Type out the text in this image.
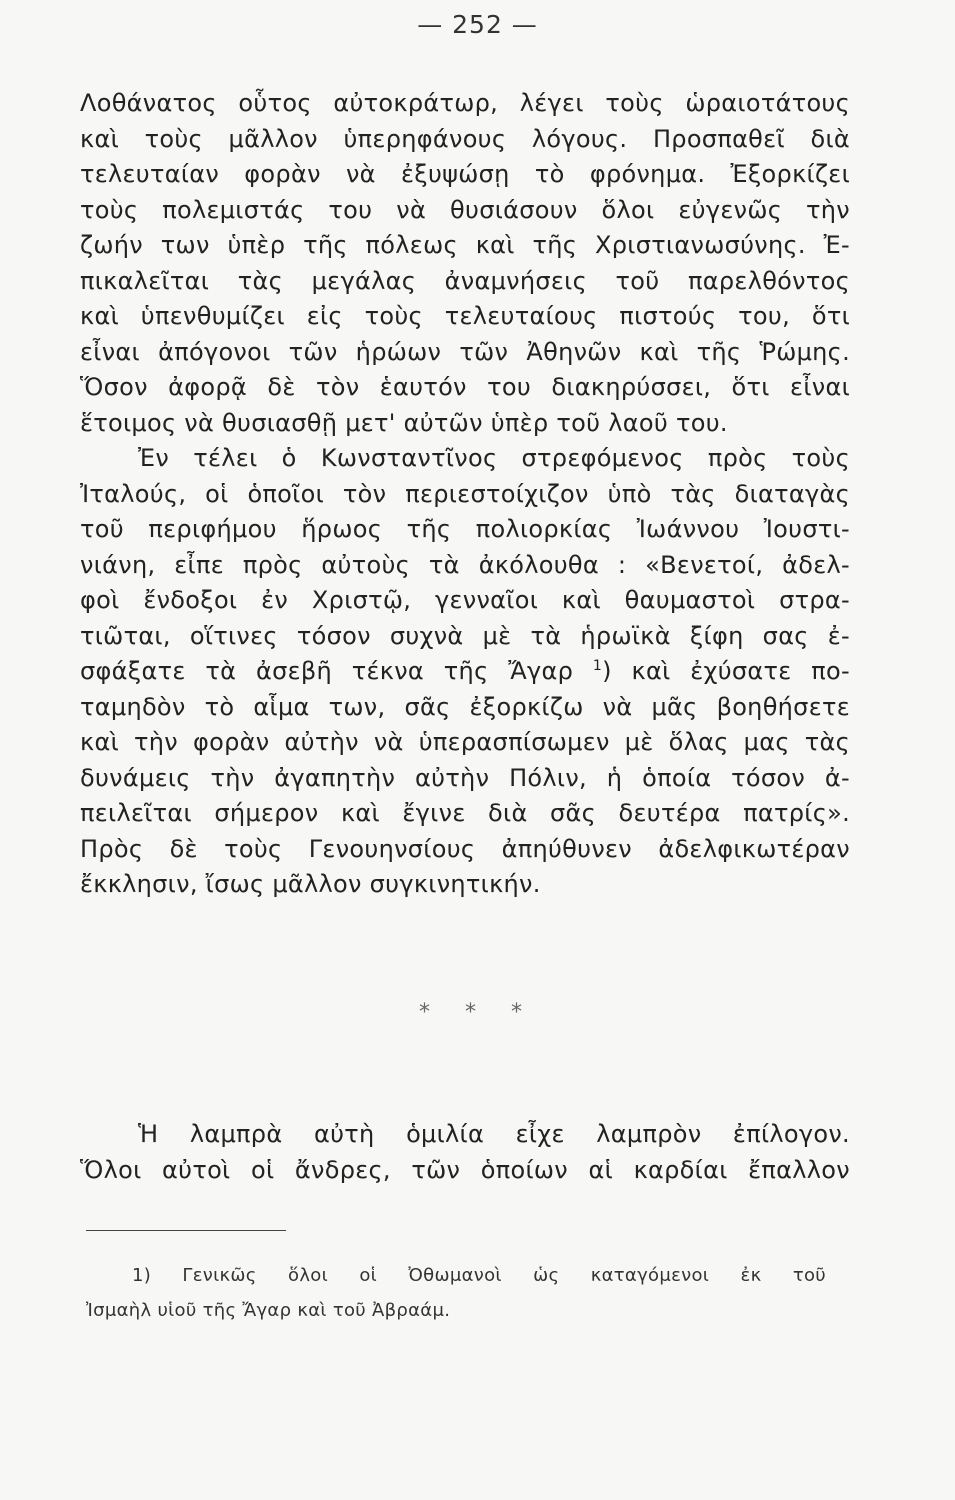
— 252 —
Λοθάνατος οὗτος αὐτοκράτωρ, λέγει τοὺς ὡραιοτάτους
καὶ τοὺς μᾶλλον ὑπερηφάνους λόγους. Προσπαθεῖ διὰ
τελευταίαν φορὰν νὰ ἐξυψώσῃ τὸ φρόνημα. Ἐξορκίζει
τοὺς πολεμιστάς του νὰ θυσιάσουν ὅλοι εὐγενῶς τὴν
ζωήν των ὑπὲρ τῆς πόλεως καὶ τῆς Χριστιανωσύνης. Ἐ-
πικαλεῖται τὰς μεγάλας ἀναμνήσεις τοῦ παρελθόντος
καὶ ὑπενθυμίζει εἰς τοὺς τελευταίους πιστούς του, ὅτι
εἶναι ἀπόγονοι τῶν ἡρώων τῶν Ἀθηνῶν καὶ τῆς Ῥώμης.
Ὅσον ἀφορᾷ δὲ τὸν ἑαυτόν του διακηρύσσει, ὅτι εἶναι
ἕτοιμος νὰ θυσιασθῇ μετ' αὐτῶν ὑπὲρ τοῦ λαοῦ του.
Ἐν τέλει ὁ Κωνσταντῖνος στρεφόμενος πρὸς τοὺς
Ἰταλούς, οἱ ὁποῖοι τὸν περιεστοίχιζον ὑπὸ τὰς διαταγὰς
τοῦ περιφήμου ἥρωος τῆς πολιορκίας Ἰωάννου Ἰουστι-
νιάνη, εἶπε πρὸς αὐτοὺς τὰ ἀκόλουθα : «Βενετοί, ἀδελ-
φοὶ ἔνδοξοι ἐν Χριστῷ, γενναῖοι καὶ θαυμαστοὶ στρα-
τιῶται, οἵτινες τόσον συχνὰ μὲ τὰ ἡρωϊκὰ ξίφη σας ἐ-
σφάξατε τὰ ἀσεβῆ τέκνα τῆς Ἄγαρ $^1$) καὶ ἐχύσατε πο-
ταμηδὸν τὸ αἷμα των, σᾶς ἐξορκίζω νὰ μᾶς βοηθήσετε
καὶ τὴν φορὰν αὐτὴν νὰ ὑπερασπίσωμεν μὲ ὅλας μας τὰς
δυνάμεις τὴν ἀγαπητὴν αὐτὴν Πόλιν, ἡ ὁποία τόσον ἀ-
πειλεῖται σήμερον καὶ ἔγινε διὰ σᾶς δευτέρα πατρίς».
Πρὸς δὲ τοὺς Γενουηνσίους ἀπηύθυνεν ἀδελφικωτέραν
ἔκκλησιν, ἴσως μᾶλλον συγκινητικήν.
* * *
Ἡ λαμπρὰ αὐτὴ ὁμιλία εἶχε λαμπρὸν ἐπίλογον.
Ὅλοι αὐτοὶ οἱ ἄνδρες, τῶν ὁποίων αἱ καρδίαι ἔπαλλον
1) Γενικῶς ὅλοι οἱ Ὀθωμανοὶ ὡς καταγόμενοι ἐκ τοῦ
Ἰσμαὴλ υἱοῦ τῆς Ἄγαρ καὶ τοῦ Ἀβραάμ.
